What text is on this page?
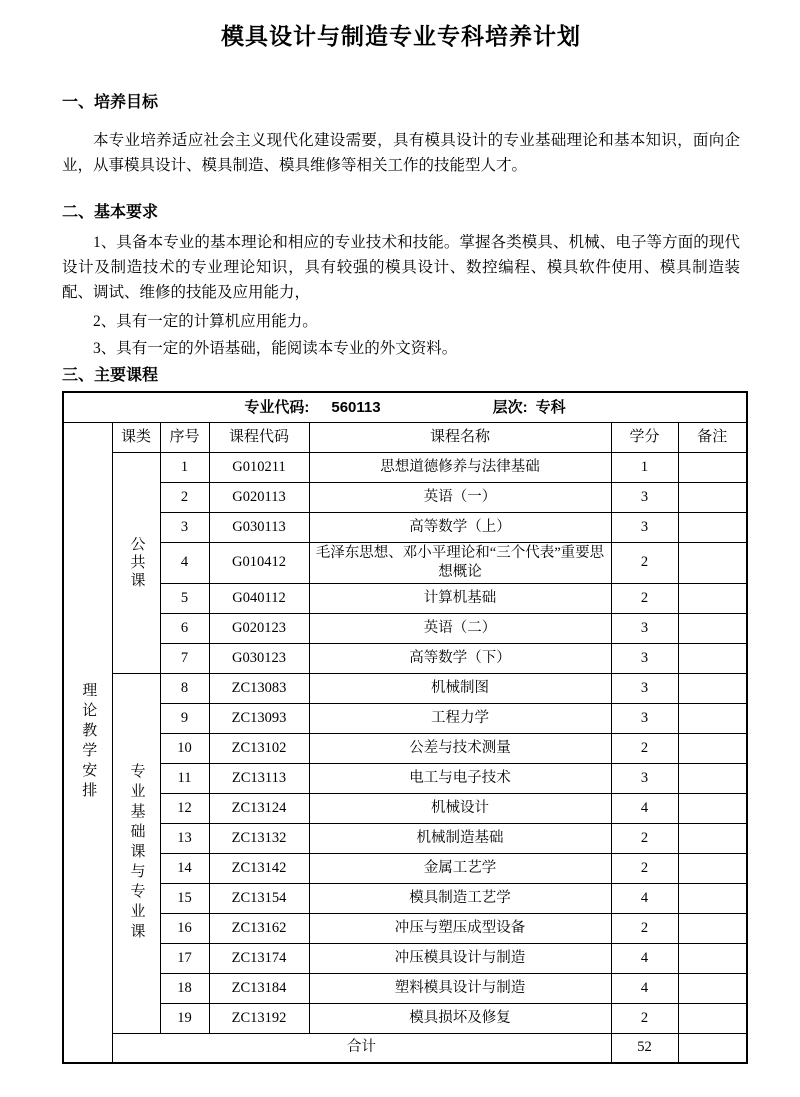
模具设计与制造专业专科培养计划
一、培养目标

本专业培养适应社会主义现代化建设需要，具有模具设计的专业基础理论和基本知识，面向企业，从事模具设计、模具制造、模具维修等相关工作的技能型人才。

二、基本要求

1、具备本专业的基本理论和相应的专业技术和技能。掌握各类模具、机械、电子等方面的现代设计及制造技术的专业理论知识，具有较强的模具设计、数控编程、模具软件使用、模具制造装配、调试、维修的技能及应用能力，

2、具有一定的计算机应用能力。

3、具有一定的外语基础，能阅读本专业的外文资料。

三、主要课程
专业代码: 560113 层次: 专科						
理论教学安排	课类	序号	课程代码	课程名称	学分	备注
	公共课	1	G010211	思想道德修养与法律基础	1	
		2	G020113	英语（一）	3	
		3	G030113	高等数学（上）	3	
		4	G010412	毛泽东思想、邓小平理论和“三个代表”重要思想概论	2	
		5	G040112	计算机基础	2	
		6	G020123	英语（二）	3	
		7	G030123	高等数学（下）	3	
	专业基础课与专业课	8	ZC13083	机械制图	3	
		9	ZC13093	工程力学	3	
		10	ZC13102	公差与技术测量	2	
		11	ZC13113	电工与电子技术	3	
		12	ZC13124	机械设计	4	
		13	ZC13132	机械制造基础	2	
		14	ZC13142	金属工艺学	2	
		15	ZC13154	模具制造工艺学	4	
		16	ZC13162	冲压与塑压成型设备	2	
		17	ZC13174	冲压模具设计与制造	4	
		18	ZC13184	塑料模具设计与制造	4	
		19	ZC13192	模具损坏及修复	2	
	合计				52	
